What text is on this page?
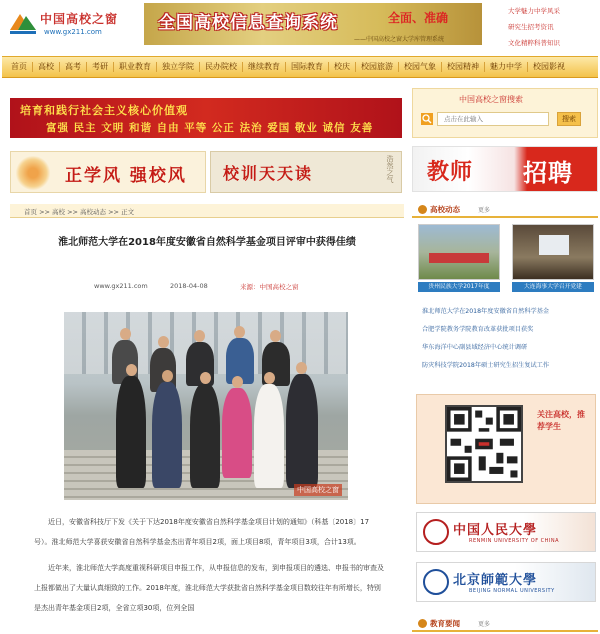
中国高校之窗
www.gx211.com	全国高校信息查询系统	全面、准确
——中国高校之窗大学库管理系统
大学魅力中学风采
研究生招考资讯
文化精粹科普知识
首页	高校	高考	考研	职业教育	独立学院	民办院校	继续教育	国际教育	校庆	校园旅游	校园气象	校园精神	魅力中学	校园影视
培育和践行社会主义核心价值观
富强 民主 文明 和谐 自由 平等 公正 法治 爱国 敬业 诚信 友善
正学风 强校风 校训天天读	浩然之气
首页 >> 高校 >> 高校动态 >> 正文
淮北师范大学在2018年度安徽省自然科学基金项目评审中获得佳绩
www.gx211.com	2018-04-08	来源：中国高校之窗
中国高校之窗

近日，安徽省科技厅下发《关于下达2018年度安徽省自然科学基金项目计划的通知》（科基〔2018〕17号）。淮北师范大学喜获安徽省自然科学基金杰出青年项目2项，面上项目8项，青年项目3项，合计13项。

近年来，淮北师范大学高度重视科研项目申报工作，从申报信息的发布，到申报项目的遴选、申报书的审查及上报都做出了大量认真细致的工作。2018年度，淮北师范大学获批省自然科学基金项目数较往年有所增长，特别是杰出青年基金项目2项，全省立项30项，位列全国

中国高校之窗搜索
点击在此输入
搜索
教师 招聘
高校动态	更多
贵州民族大学2017年度	大连海事大学召开党建
淮北师范大学在2018年度安徽省自然科学基金
合肥学院教务学院教育改革获批项目获奖
华东海洋中心副县域经济中心统计调研
防灾科技学院2018年硕士研究生招生复试工作
关注高校，推荐学生
中国人民大學
RENMIN UNIVERSITY OF CHINA
北京師範大學
BEIJING NORMAL UNIVERSITY
教育要闻	更多
